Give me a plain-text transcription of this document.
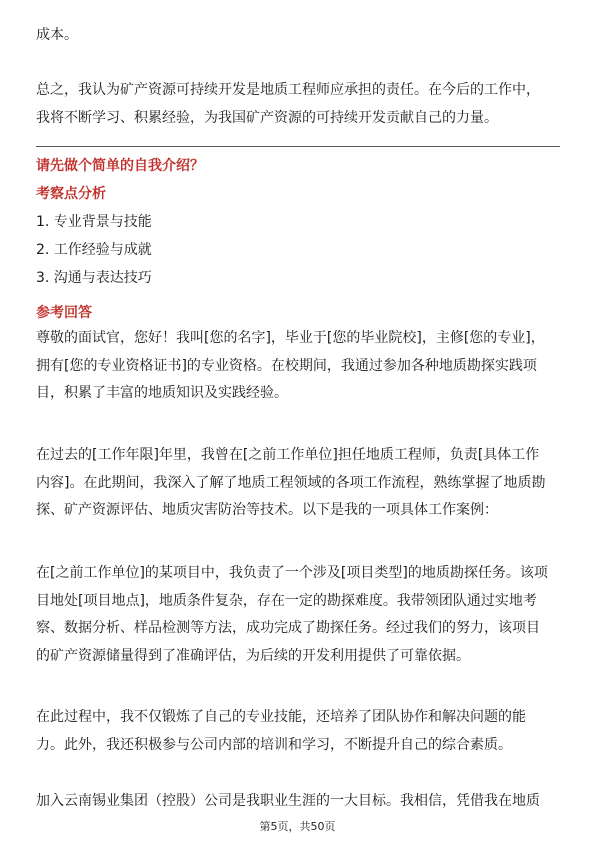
成本。

总之，我认为矿产资源可持续开发是地质工程师应承担的责任。在今后的工作中，
我将不断学习、积累经验，为我国矿产资源的可持续开发贡献自己的力量。

请先做个简单的自我介绍？
考察点分析
1. 专业背景与技能
2. 工作经验与成就
3. 沟通与表达技巧
参考回答

尊敬的面试官，您好！我叫[您的名字]，毕业于[您的毕业院校]，主修[您的专业]，
拥有[您的专业资格证书]的专业资格。在校期间，我通过参加各种地质勘探实践项
目，积累了丰富的地质知识及实践经验。

在过去的[工作年限]年里，我曾在[之前工作单位]担任地质工程师，负责[具体工作
内容]。在此期间，我深入了解了地质工程领域的各项工作流程，熟练掌握了地质勘
探、矿产资源评估、地质灾害防治等技术。以下是我的一项具体工作案例：

在[之前工作单位]的某项目中，我负责了一个涉及[项目类型]的地质勘探任务。该项
目地处[项目地点]，地质条件复杂，存在一定的勘探难度。我带领团队通过实地考
察、数据分析、样品检测等方法，成功完成了勘探任务。经过我们的努力，该项目
的矿产资源储量得到了准确评估，为后续的开发利用提供了可靠依据。

在此过程中，我不仅锻炼了自己的专业技能，还培养了团队协作和解决问题的能
力。此外，我还积极参与公司内部的培训和学习，不断提升自己的综合素质。

加入云南锡业集团（控股）公司是我职业生涯的一大目标。我相信，凭借我在地质

第5页，共50页
